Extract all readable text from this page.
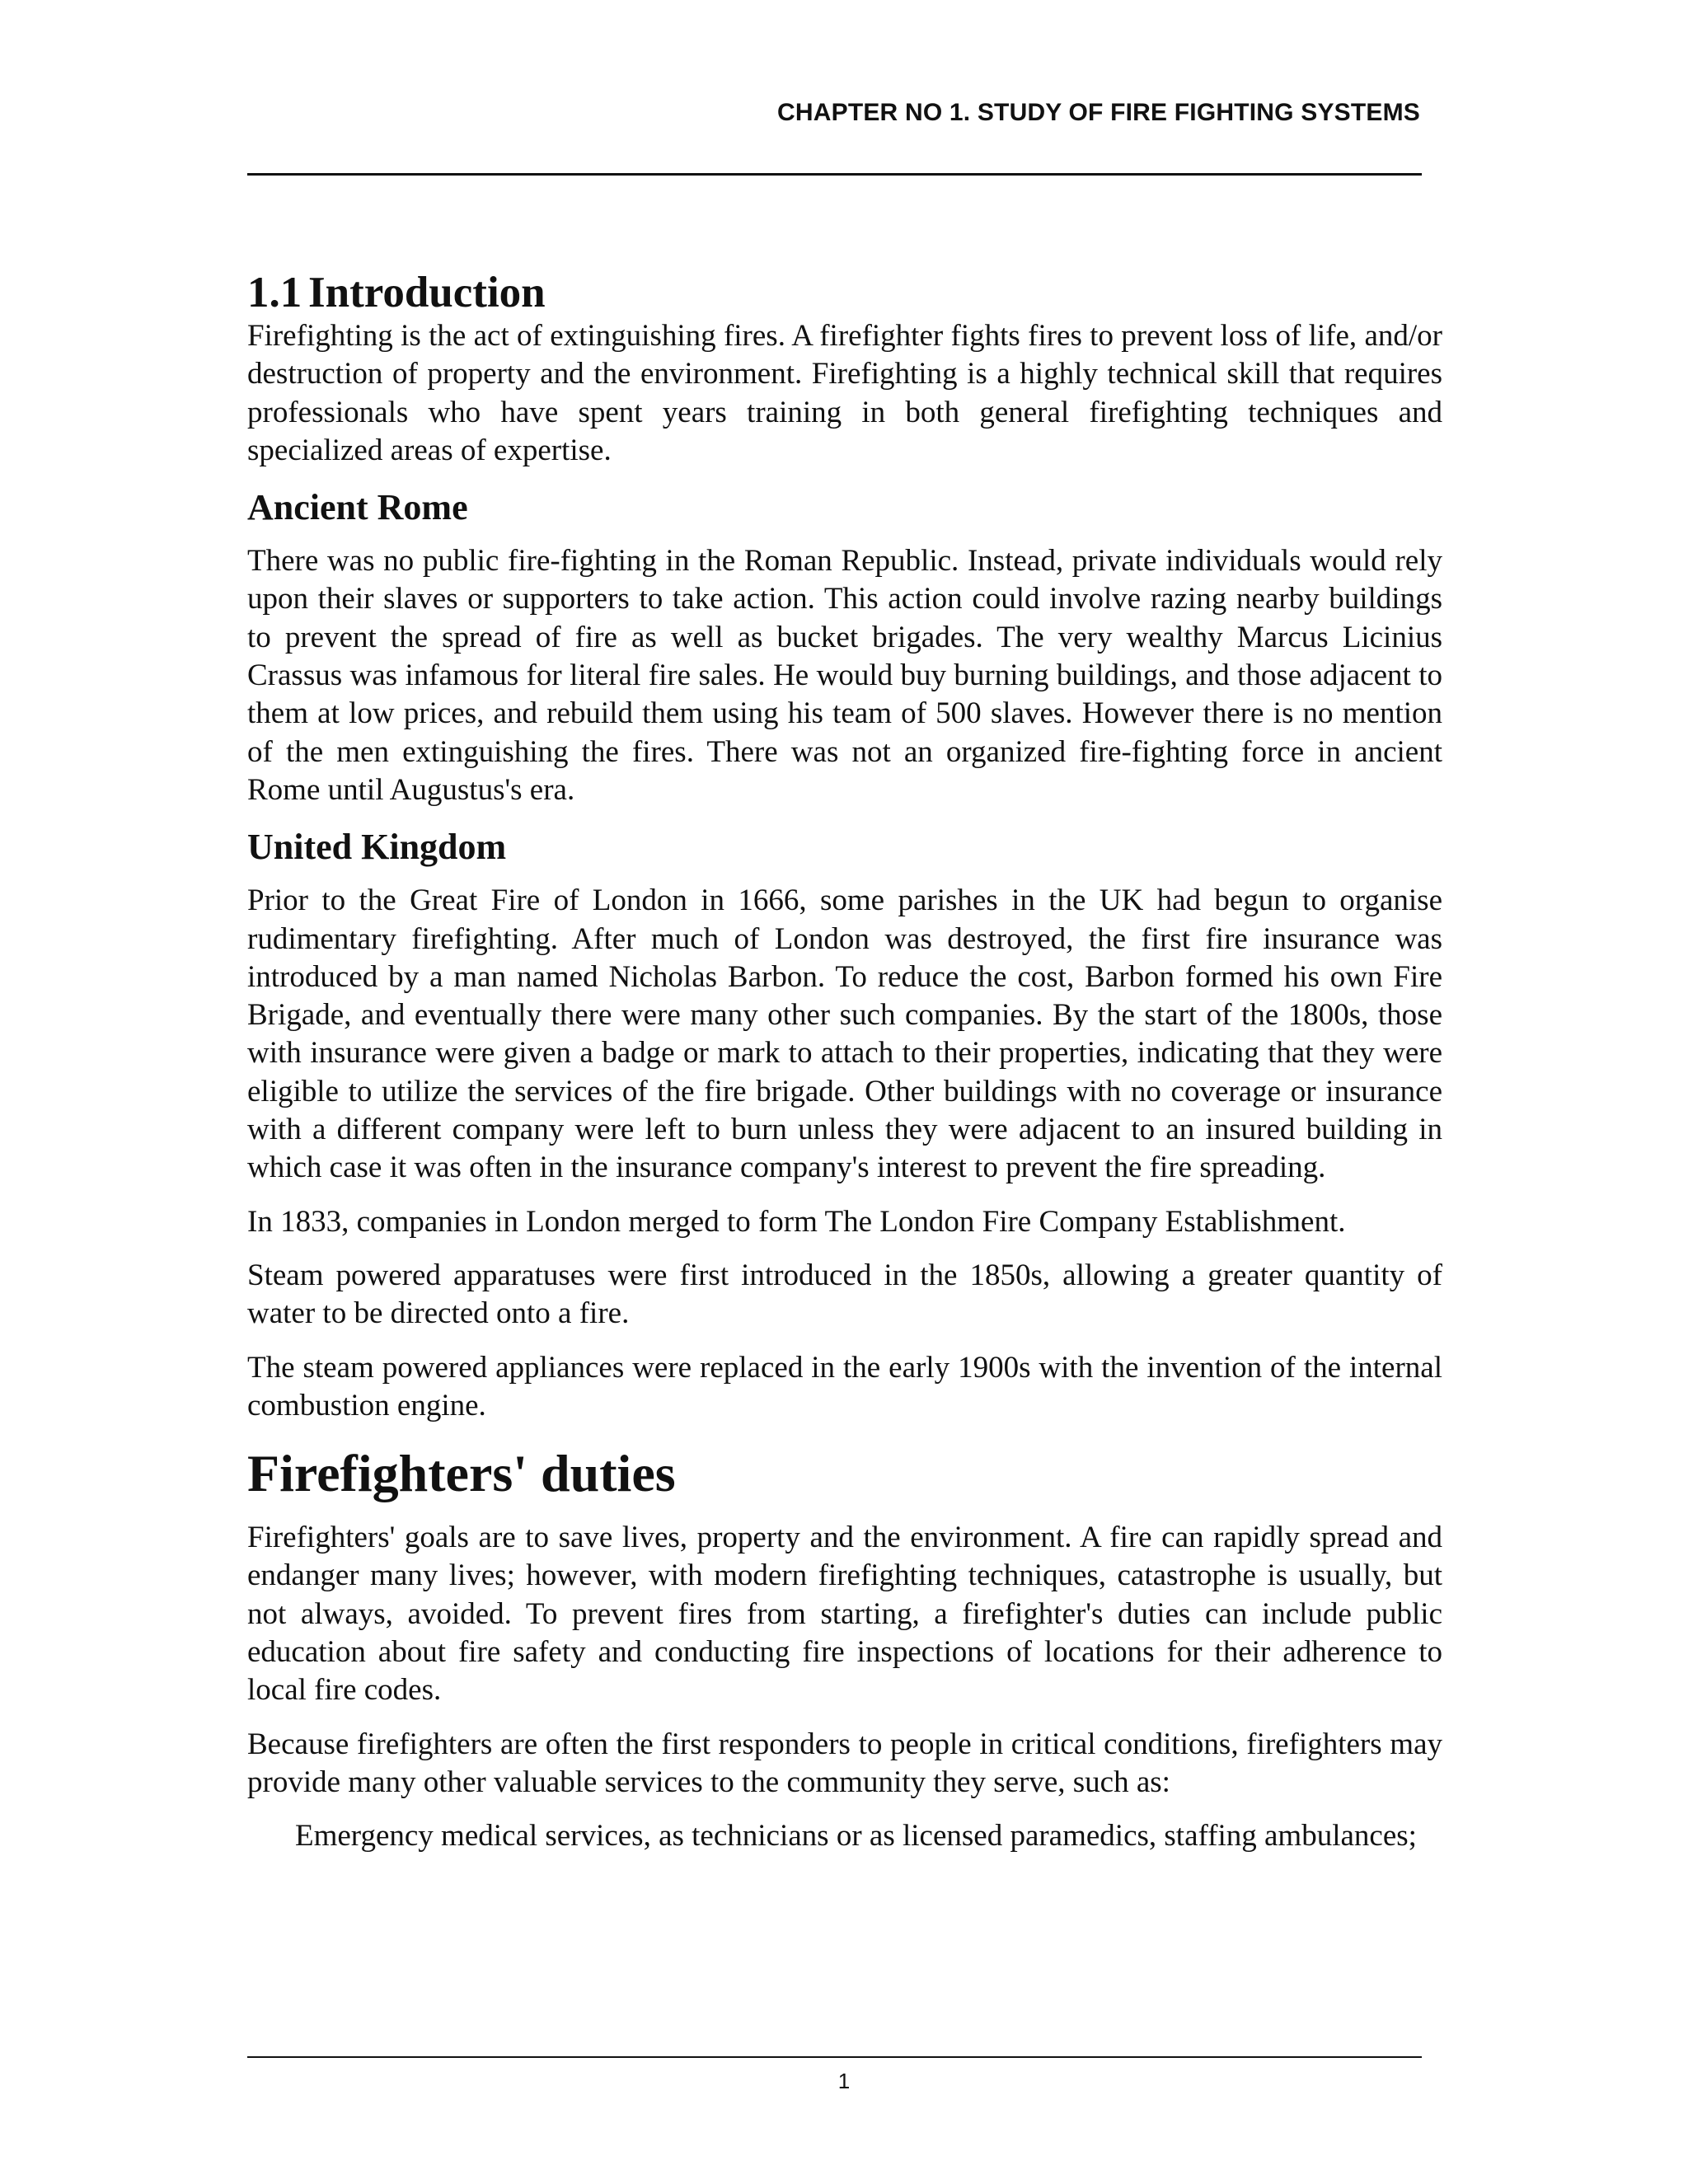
CHAPTER NO 1. STUDY OF FIRE FIGHTING SYSTEMS
1.1 Introduction

Firefighting is the act of extinguishing fires. A firefighter fights fires to prevent loss of life, and/or destruction of property and the environment. Firefighting is a highly technical skill that requires professionals who have spent years training in both general firefighting techniques and specialized areas of expertise.

Ancient Rome

There was no public fire-fighting in the Roman Republic. Instead, private individuals would rely upon their slaves or supporters to take action. This action could involve razing nearby buildings to prevent the spread of fire as well as bucket brigades. The very wealthy Marcus Licinius Crassus was infamous for literal fire sales. He would buy burning buildings, and those adjacent to them at low prices, and rebuild them using his team of 500 slaves. However there is no mention of the men extinguishing the fires. There was not an organized fire-fighting force in ancient Rome until Augustus's era.

United Kingdom

Prior to the Great Fire of London in 1666, some parishes in the UK had begun to organise rudimentary firefighting. After much of London was destroyed, the first fire insurance was introduced by a man named Nicholas Barbon. To reduce the cost, Barbon formed his own Fire Brigade, and eventually there were many other such companies. By the start of the 1800s, those with insurance were given a badge or mark to attach to their properties, indicating that they were eligible to utilize the services of the fire brigade. Other buildings with no coverage or insurance with a different company were left to burn unless they were adjacent to an insured building in which case it was often in the insurance company's interest to prevent the fire spreading.

In 1833, companies in London merged to form The London Fire Company Establishment.

Steam powered apparatuses were first introduced in the 1850s, allowing a greater quantity of water to be directed onto a fire.

The steam powered appliances were replaced in the early 1900s with the invention of the internal combustion engine.

Firefighters' duties

Firefighters' goals are to save lives, property and the environment. A fire can rapidly spread and endanger many lives; however, with modern firefighting techniques, catastrophe is usually, but not always, avoided. To prevent fires from starting, a firefighter's duties can include public education about fire safety and conducting fire inspections of locations for their adherence to local fire codes.

Because firefighters are often the first responders to people in critical conditions, firefighters may provide many other valuable services to the community they serve, such as:

Emergency medical services, as technicians or as licensed paramedics, staffing ambulances;
1
